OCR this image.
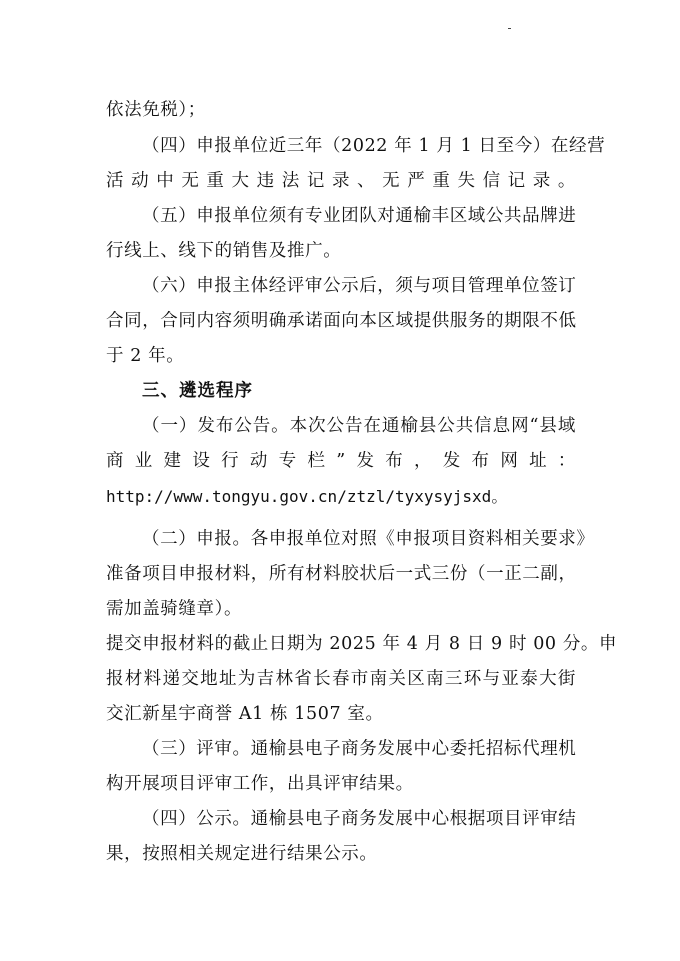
依法免税）；
（四）申报单位近三年（2022 年 1 月 1 日至今）在经营
活动中无重大违法记录、无严重失信记录。
（五）申报单位须有专业团队对通榆丰区域公共品牌进
行线上、线下的销售及推广。
（六）申报主体经评审公示后，须与项目管理单位签订
合同，合同内容须明确承诺面向本区域提供服务的期限不低
于 2 年。
三、遴选程序
（一）发布公告。本次公告在通榆县公共信息网“县域
商业建设行动专栏”发布，发布网址：
http://www.tongyu.gov.cn/ztzl/tyxysyjsxd。
（二）申报。各申报单位对照《申报项目资料相关要求》
准备项目申报材料，所有材料胶状后一式三份（一正二副，
需加盖骑缝章）。
提交申报材料的截止日期为 2025 年 4 月 8 日 9 时 00 分。申
报材料递交地址为吉林省长春市南关区南三环与亚泰大街
交汇新星宇商誉 A1 栋 1507 室。
（三）评审。通榆县电子商务发展中心委托招标代理机
构开展项目评审工作，出具评审结果。
（四）公示。通榆县电子商务发展中心根据项目评审结
果，按照相关规定进行结果公示。
